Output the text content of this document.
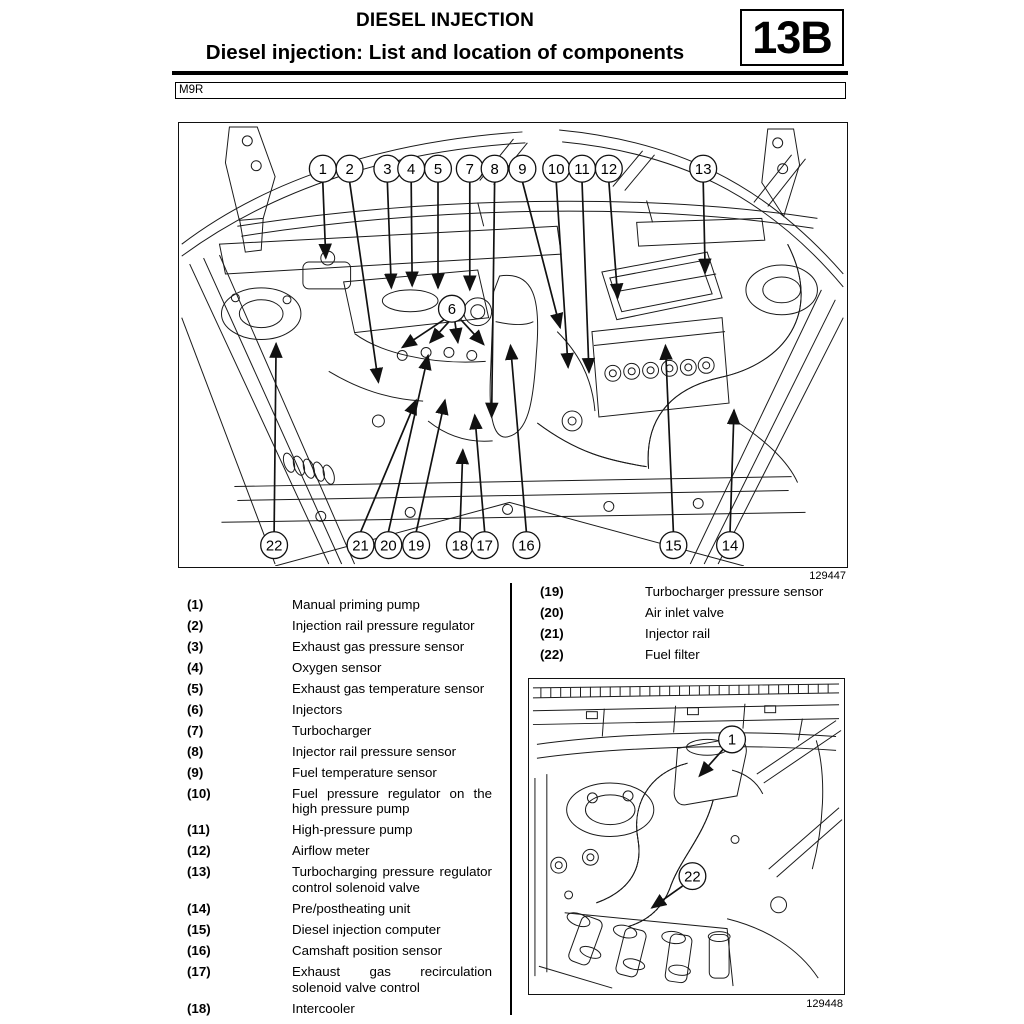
DIESEL INJECTION
Diesel injection: List and location of components	13B
M9R
1 2 3 4 5 7 8 9 10 11 12	13
6
22	21 20 19 18 17 16	15	14
129447
(1)	Manual priming pump
(2)	Injection rail pressure regulator
(3)	Exhaust gas pressure sensor
(4)	Oxygen sensor
(5)	Exhaust gas temperature sensor
(6)	Injectors
(7)	Turbocharger
(8)	Injector rail pressure sensor
(9)	Fuel temperature sensor
(10)	Fuel pressure regulator on the high pressure pump
(11)	High-pressure pump
(12)	Airflow meter
(13)	Turbocharging pressure regulator control solenoid valve
(14)	Pre/postheating unit
(15)	Diesel injection computer
(16)	Camshaft position sensor
(17)	Exhaust gas recirculation solenoid valve control
(18)	Intercooler
(19)	Turbocharger pressure sensor
(20)	Air inlet valve
(21)	Injector rail
(22)	Fuel filter
1
22
129448
